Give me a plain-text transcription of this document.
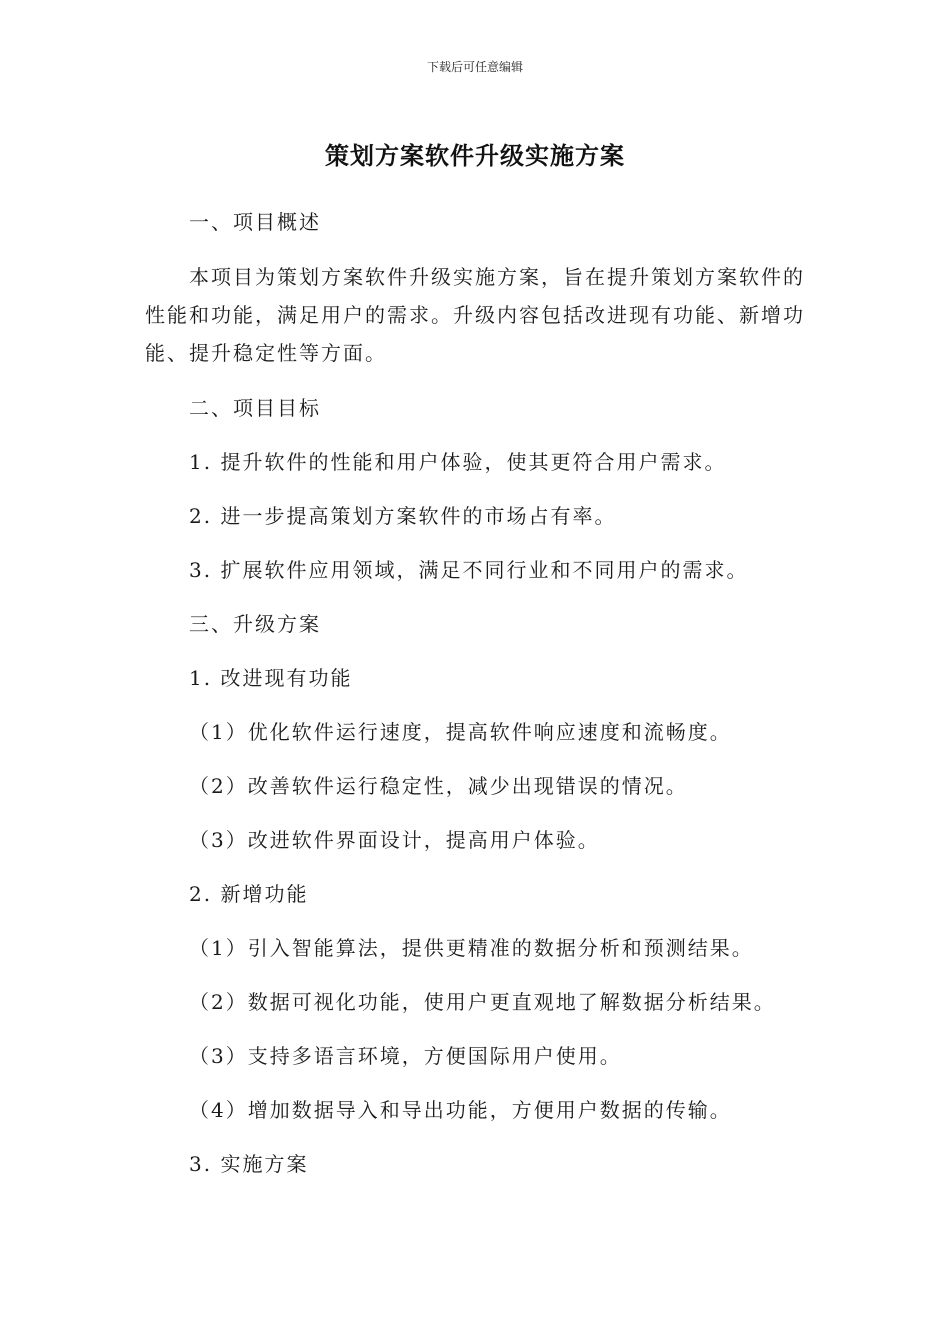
下载后可任意编辑
策划方案软件升级实施方案

一、项目概述

本项目为策划方案软件升级实施方案，旨在提升策划方案软件的性能和功能，满足用户的需求。升级内容包括改进现有功能、新增功能、提升稳定性等方面。

二、项目目标

1. 提升软件的性能和用户体验，使其更符合用户需求。

2. 进一步提高策划方案软件的市场占有率。

3. 扩展软件应用领域，满足不同行业和不同用户的需求。

三、升级方案

1. 改进现有功能

（1）优化软件运行速度，提高软件响应速度和流畅度。

（2）改善软件运行稳定性，减少出现错误的情况。

（3）改进软件界面设计，提高用户体验。

2. 新增功能

（1）引入智能算法，提供更精准的数据分析和预测结果。

（2）数据可视化功能，使用户更直观地了解数据分析结果。

（3）支持多语言环境，方便国际用户使用。

（4）增加数据导入和导出功能，方便用户数据的传输。

3. 实施方案
